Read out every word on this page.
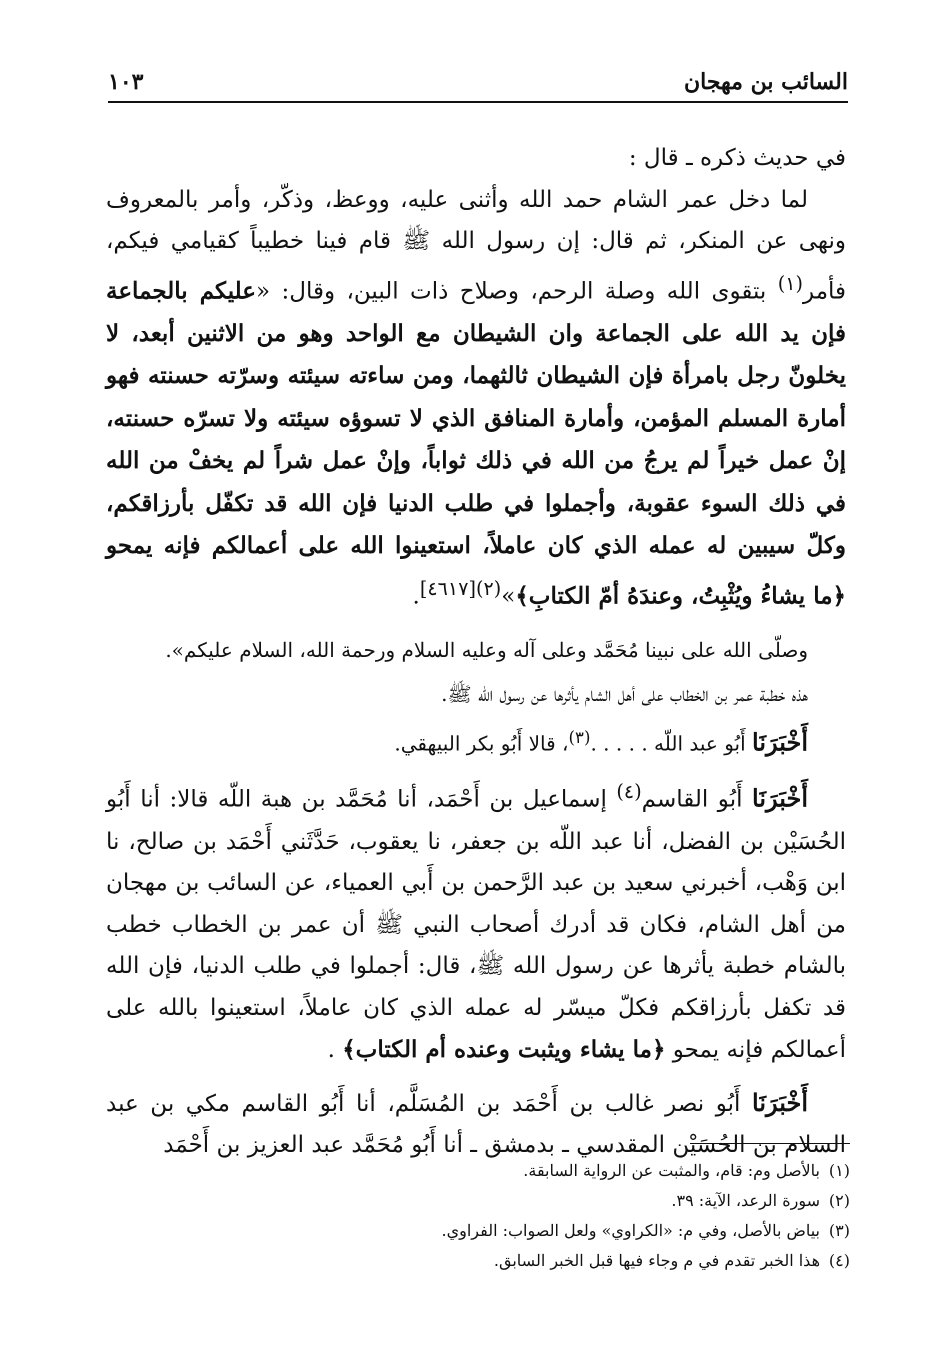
السائب بن مهجان
١٠٣

في حديث ذكره ـ قال :

لما دخل عمر الشام حمد الله وأثنى عليه، ووعظ، وذكّر، وأمر بالمعروف ونهى عن المنكر، ثم قال: إن رسول الله ﷺ قام فينا خطيباً كقيامي فيكم، فأمر$^{(١)}$ بتقوى الله وصلة الرحم، وصلاح ذات البين، وقال: «عليكم بالجماعة فإن يد الله على الجماعة وان الشيطان مع الواحد وهو من الاثنين أبعد، لا يخلونّ رجل بامرأة فإن الشيطان ثالثهما، ومن ساءته سيئته وسرّته حسنته فهو أمارة المسلم المؤمن، وأمارة المنافق الذي لا تسوؤه سيئته ولا تسرّه حسنته، إنْ عمل خيراً لم يرجُ من الله في ذلك ثواباً، وإنْ عمل شراً لم يخفْ من الله في ذلك السوء عقوبة، وأجملوا في طلب الدنيا فإن الله قد تكفّل بأرزاقكم، وكلّ سيبين له عمله الذي كان عاملاً، استعينوا الله على أعمالكم فإنه يمحو ﴿ما يشاءُ ويُثْبِتُ، وعندَهُ أمّ الكتابِ﴾»$^{(٢)[٤٦١٧]}$.

وصلّى الله على نبينا مُحَمَّد وعلى آله وعليه السلام ورحمة الله، السلام عليكم».

هذه خطبة عمر بن الخطاب على أهل الشام يأثرها عن رسول الله ﷺ.

أَخْبَرَنَا أَبُو عبد اللّه . . . . .$^{(٣)}$، قالا أَبُو بكر البيهقي.

أَخْبَرَنَا أَبُو القاسم$^{(٤)}$ إسماعيل بن أَحْمَد، أنا مُحَمَّد بن هبة اللّه قالا: أنا أَبُو الحُسَيْن بن الفضل، أنا عبد اللّه بن جعفر، نا يعقوب، حَدَّثَني أَحْمَد بن صالح، نا ابن وَهْب، أخبرني سعيد بن عبد الرَّحمن بن أَبي العمياء، عن السائب بن مهجان من أهل الشام، فكان قد أدرك أصحاب النبي ﷺ أن عمر بن الخطاب خطب بالشام خطبة يأثرها عن رسول الله ﷺ، قال: أجملوا في طلب الدنيا، فإن الله قد تكفل بأرزاقكم فكلّ ميسّر له عمله الذي كان عاملاً، استعينوا بالله على أعمالكم فإنه يمحو ﴿ما يشاء ويثبت وعنده أم الكتاب﴾ .

أَخْبَرَنَا أَبُو نصر غالب بن أَحْمَد بن المُسَلَّم، أنا أَبُو القاسم مكي بن عبد السلام بن الحُسَيْن المقدسي ـ بدمشق ـ أنا أَبُو مُحَمَّد عبد العزيز بن أَحْمَد

(١)بالأصل وم: قام، والمثبت عن الرواية السابقة.

(٢)سورة الرعد، الآية: ٣٩.

(٣)بياض بالأصل، وفي م: «الكراوي» ولعل الصواب: الفراوي.

(٤)هذا الخبر تقدم في م وجاء فيها قبل الخبر السابق.
